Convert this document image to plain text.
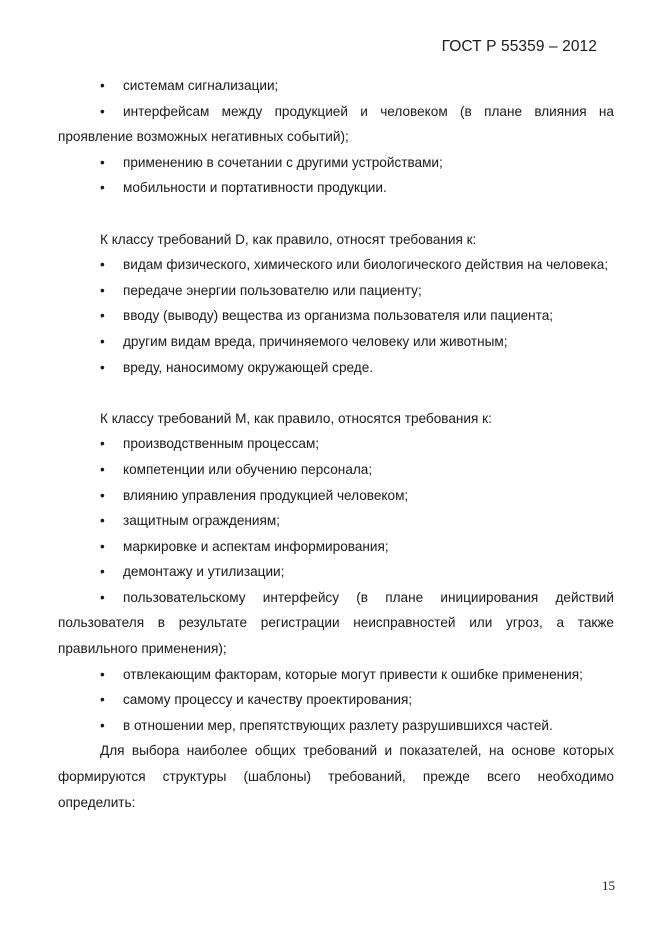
ГОСТ Р 55359 – 2012
• системам сигнализации;
• интерфейсам между продукцией и человеком (в плане влияния на проявление возможных негативных событий);
• применению в сочетании с другими устройствами;
• мобильности и портативности продукции.
К классу требований D, как правило, относят требования к:
• видам физического, химического или биологического действия на человека;
• передаче энергии пользователю или пациенту;
• вводу (выводу) вещества из организма пользователя или пациента;
• другим видам вреда, причиняемого человеку или животным;
• вреду, наносимому окружающей среде.
К классу требований M, как правило, относятся требования к:
• производственным процессам;
• компетенции или обучению персонала;
• влиянию управления продукцией человеком;
• защитным ограждениям;
• маркировке и аспектам информирования;
• демонтажу и утилизации;
• пользовательскому интерфейсу (в плане инициирования действий пользователя в результате регистрации неисправностей или угроз, а также правильного применения);
• отвлекающим факторам, которые могут привести к ошибке применения;
• самому процессу и качеству проектирования;
• в отношении мер, препятствующих разлету разрушившихся частей.
Для выбора наиболее общих требований и показателей, на основе которых формируются структуры (шаблоны) требований, прежде всего необходимо определить:
15
